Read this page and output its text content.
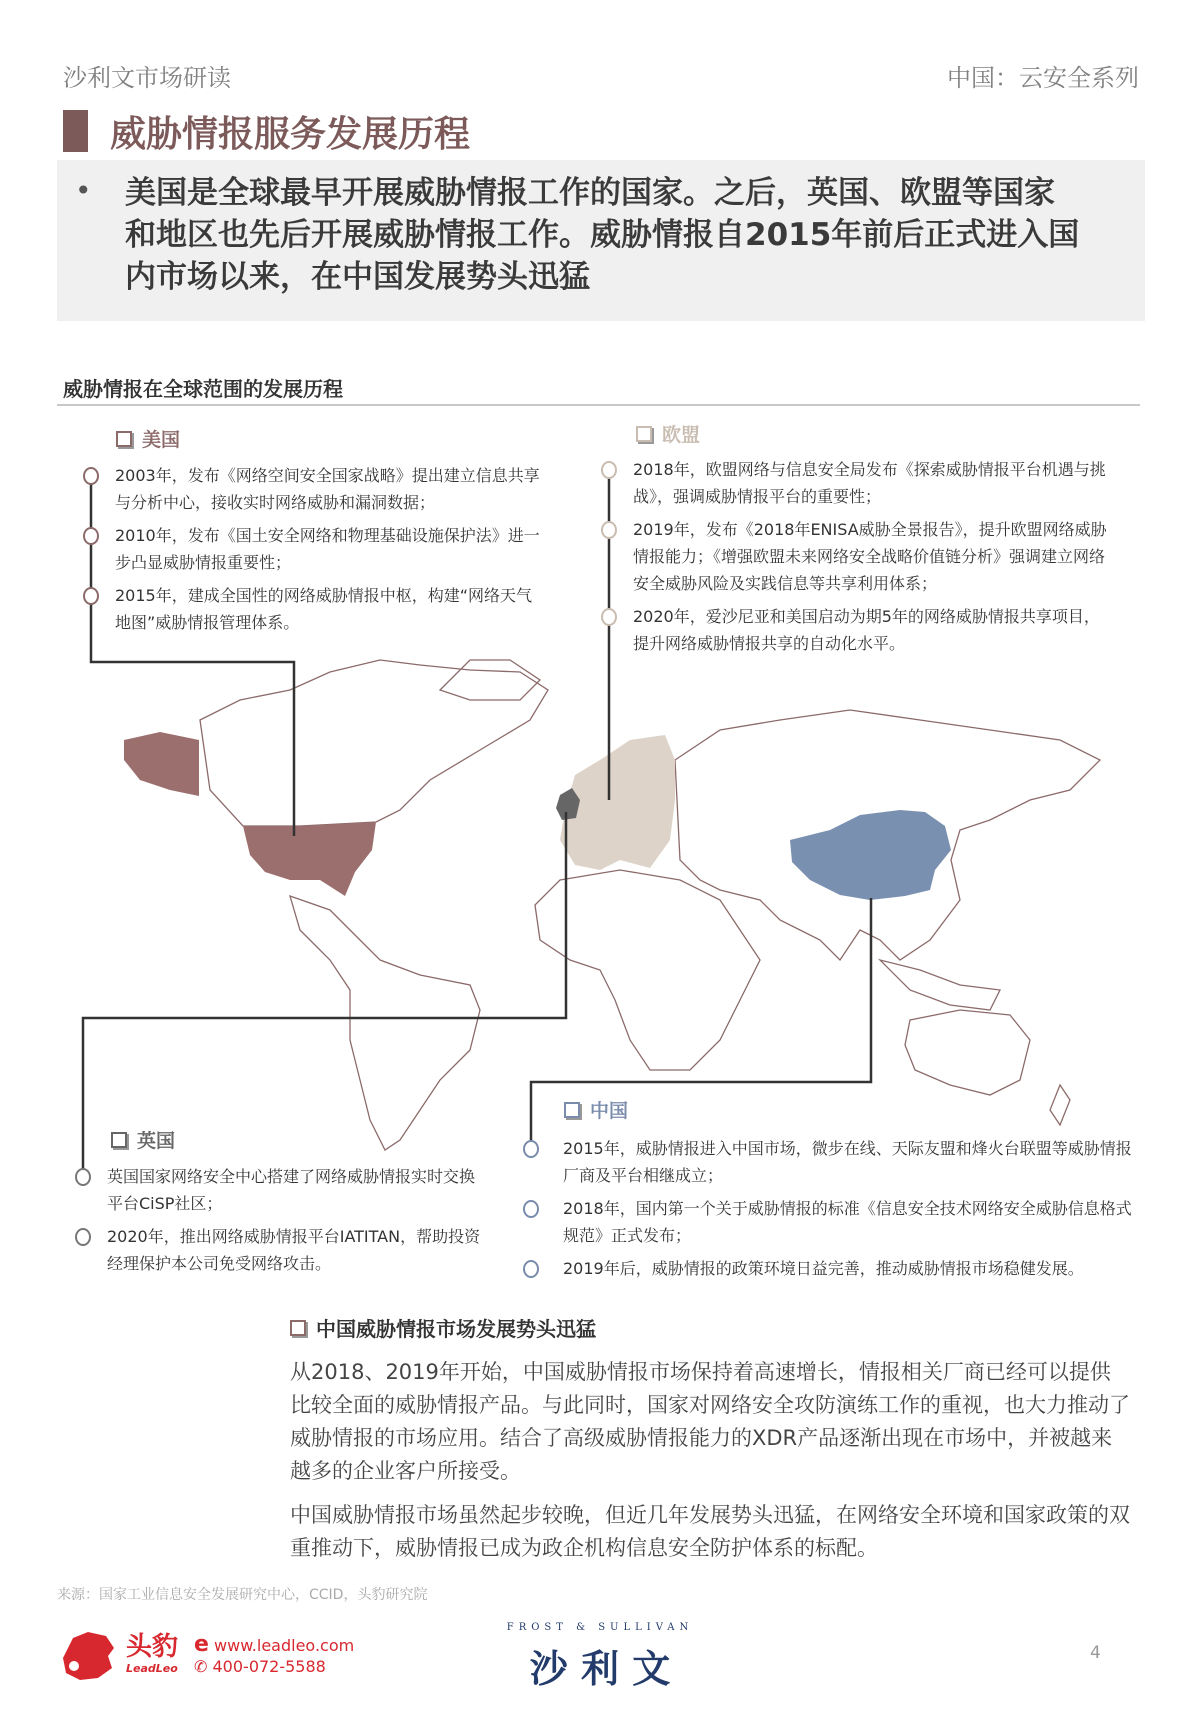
沙利文市场研读	中国：云安全系列
威胁情报服务发展历程
• 美国是全球最早开展威胁情报工作的国家。之后，英国、欧盟等国家和地区也先后开展威胁情报工作。威胁情报自2015年前后正式进入国内市场以来，在中国发展势头迅猛
威胁情报在全球范围的发展历程
美国
2003年，发布《网络空间安全国家战略》提出建立信息共享与分析中心，接收实时网络威胁和漏洞数据；
2010年，发布《国土安全网络和物理基础设施保护法》进一步凸显威胁情报重要性；
2015年，建成全国性的网络威胁情报中枢，构建“网络天气地图”威胁情报管理体系。
欧盟
2018年，欧盟网络与信息安全局发布《探索威胁情报平台机遇与挑战》，强调威胁情报平台的重要性；
2019年，发布《2018年ENISA威胁全景报告》，提升欧盟网络威胁情报能力；《增强欧盟未来网络安全战略价值链分析》强调建立网络安全威胁风险及实践信息等共享利用体系；
2020年，爱沙尼亚和美国启动为期5年的网络威胁情报共享项目，提升网络威胁情报共享的自动化水平。
英国
英国国家网络安全中心搭建了网络威胁情报实时交换平台CiSP社区；
2020年，推出网络威胁情报平台IATITAN，帮助投资经理保护本公司免受网络攻击。
中国
2015年，威胁情报进入中国市场，微步在线、天际友盟和烽火台联盟等威胁情报厂商及平台相继成立；
2018年，国内第一个关于威胁情报的标准《信息安全技术网络安全威胁信息格式规范》正式发布；
2019年后，威胁情报的政策环境日益完善，推动威胁情报市场稳健发展。
中国威胁情报市场发展势头迅猛

从2018、2019年开始，中国威胁情报市场保持着高速增长，情报相关厂商已经可以提供比较全面的威胁情报产品。与此同时，国家对网络安全攻防演练工作的重视，也大力推动了威胁情报的市场应用。结合了高级威胁情报能力的XDR产品逐渐出现在市场中，并被越来越多的企业客户所接受。

中国威胁情报市场虽然起步较晚，但近几年发展势头迅猛，在网络安全环境和国家政策的双重推动下，威胁情报已成为政企机构信息安全防护体系的标配。

来源：国家工业信息安全发展研究中心，CCID，头豹研究院
头豹
LeadLeo
e www.leadleo.com
✆ 400-072-5588
FROST & SULLIVAN
沙 利 文	4
